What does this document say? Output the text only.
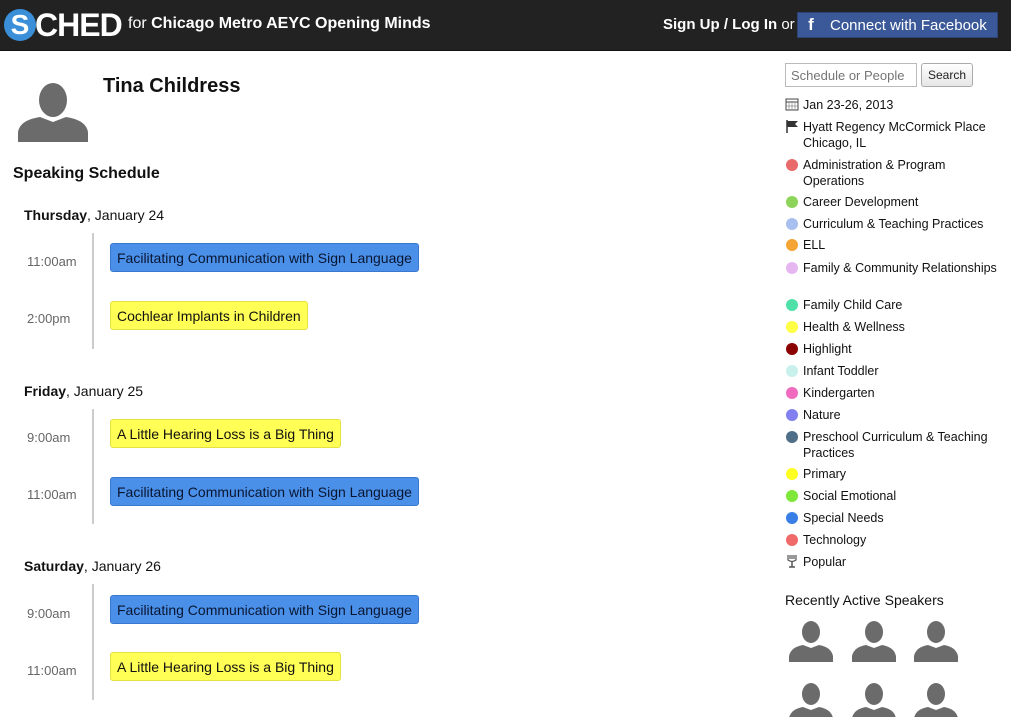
S CHED for Chicago Metro AEYC Opening Minds	Sign Up / Log In or f	Connect with Facebook
Tina Childress
Speaking Schedule
Thursday, January 24
11:00am	Facilitating Communication with Sign Language
2:00pm	Cochlear Implants in Children
Friday, January 25
9:00am	A Little Hearing Loss is a Big Thing
11:00am	Facilitating Communication with Sign Language
Saturday, January 26
9:00am	Facilitating Communication with Sign Language
11:00am	A Little Hearing Loss is a Big Thing
Schedule or People
Search
Jan 23-26, 2013
Hyatt Regency McCormick Place Chicago, IL
Administration & Program Operations
Career Development
Curriculum & Teaching Practices
ELL
Family & Community Relationships
Family Child Care
Health & Wellness
Highlight
Infant Toddler
Kindergarten
Nature
Preschool Curriculum & Teaching Practices
Primary
Social Emotional
Special Needs
Technology
Popular
Recently Active Speakers
